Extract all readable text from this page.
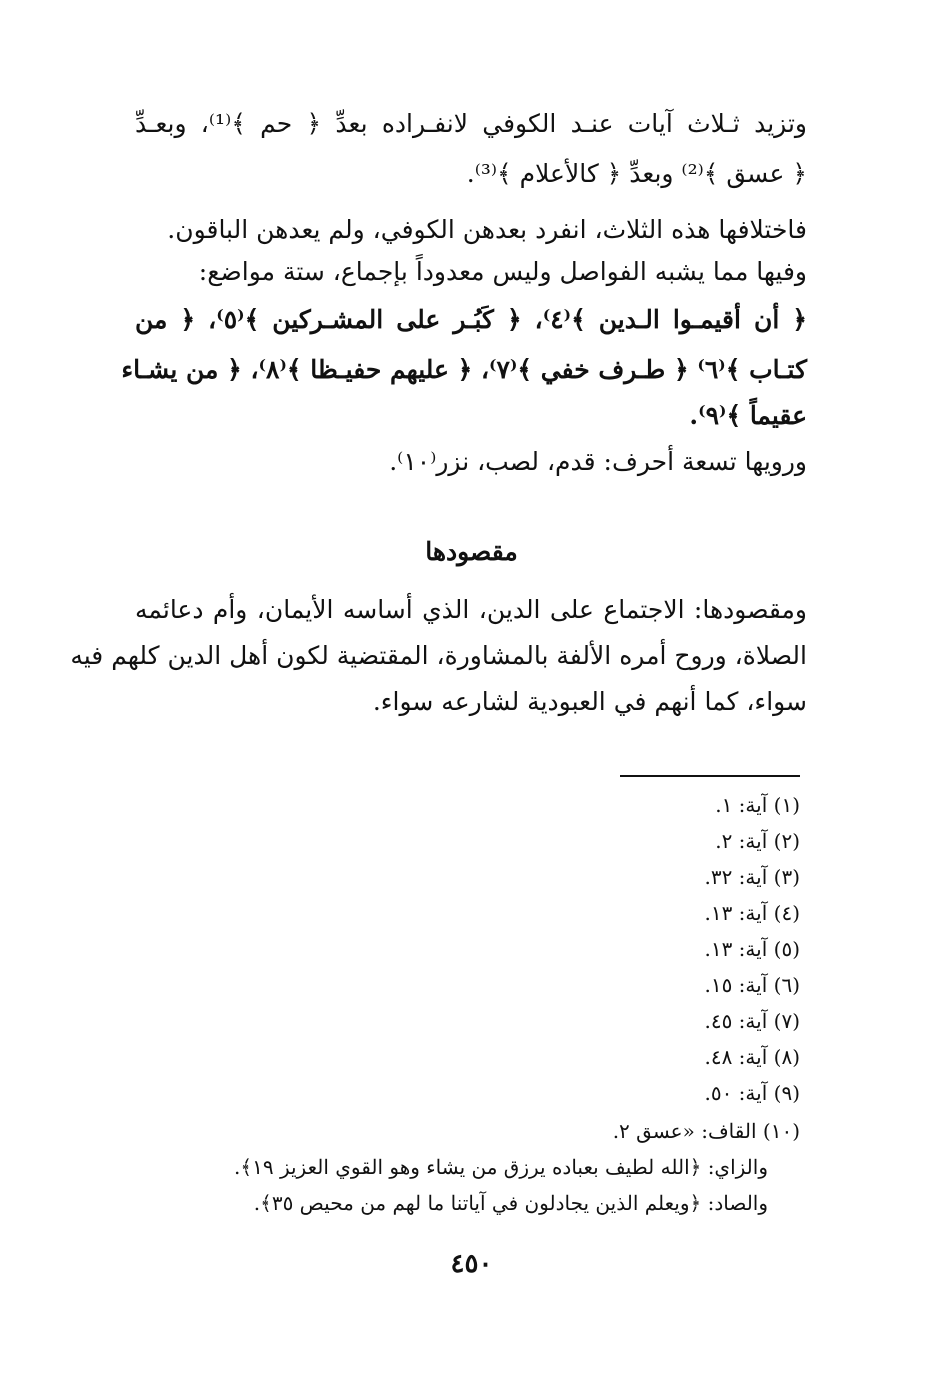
وتزيد ثـلاث آيات عنـد الكوفي لانفـراده بعدِّ ﴿ حم ﴾⁽¹⁾، وبعـدِّ
﴿ عسق ﴾⁽²⁾ وبعدِّ ﴿ كالأعلام ﴾⁽³⁾.
فاختلافها هذه الثلاث، انفرد بعدهن الكوفي، ولم يعدهن الباقون.
وفيها مما يشبه الفواصل وليس معدوداً بإجماع، ستة مواضع:
﴿ أن أقيمـوا الـدين ﴾⁽٤⁾، ﴿ كَبُـر على المشـركين ﴾⁽٥⁾، ﴿ من
كتـاب ﴾⁽٦⁾ ﴿ طـرف خفي ﴾⁽٧⁾، ﴿ عليهم حفيـظا ﴾⁽٨⁾، ﴿ من يشـاء
عقيماً ﴾⁽٩⁾.
ورويها تسعة أحرف: قدم، لصب، نزر⁽١٠⁾.
مقصودها
ومقصودها: الاجتماع على الدين، الذي أساسه الأيمان، وأم دعائمه
الصلاة، وروح أمره الألفة بالمشاورة، المقتضية لكون أهل الدين كلهم فيه
سواء، كما أنهم في العبودية لشارعه سواء.
(١) آية: ١.
(٢) آية: ٢.
(٣) آية: ٣٢.
(٤) آية: ١٣.
(٥) آية: ١٣.
(٦) آية: ١٥.
(٧) آية: ٤٥.
(٨) آية: ٤٨.
(٩) آية: ٥٠.
(١٠) القاف: «عسق ٢.
والزاي: ﴿الله لطيف بعباده يرزق من يشاء وهو القوي العزيز ١٩﴾.
والصاد: ﴿ويعلم الذين يجادلون في آياتنا ما لهم من محيص ٣٥﴾.
٤٥٠
